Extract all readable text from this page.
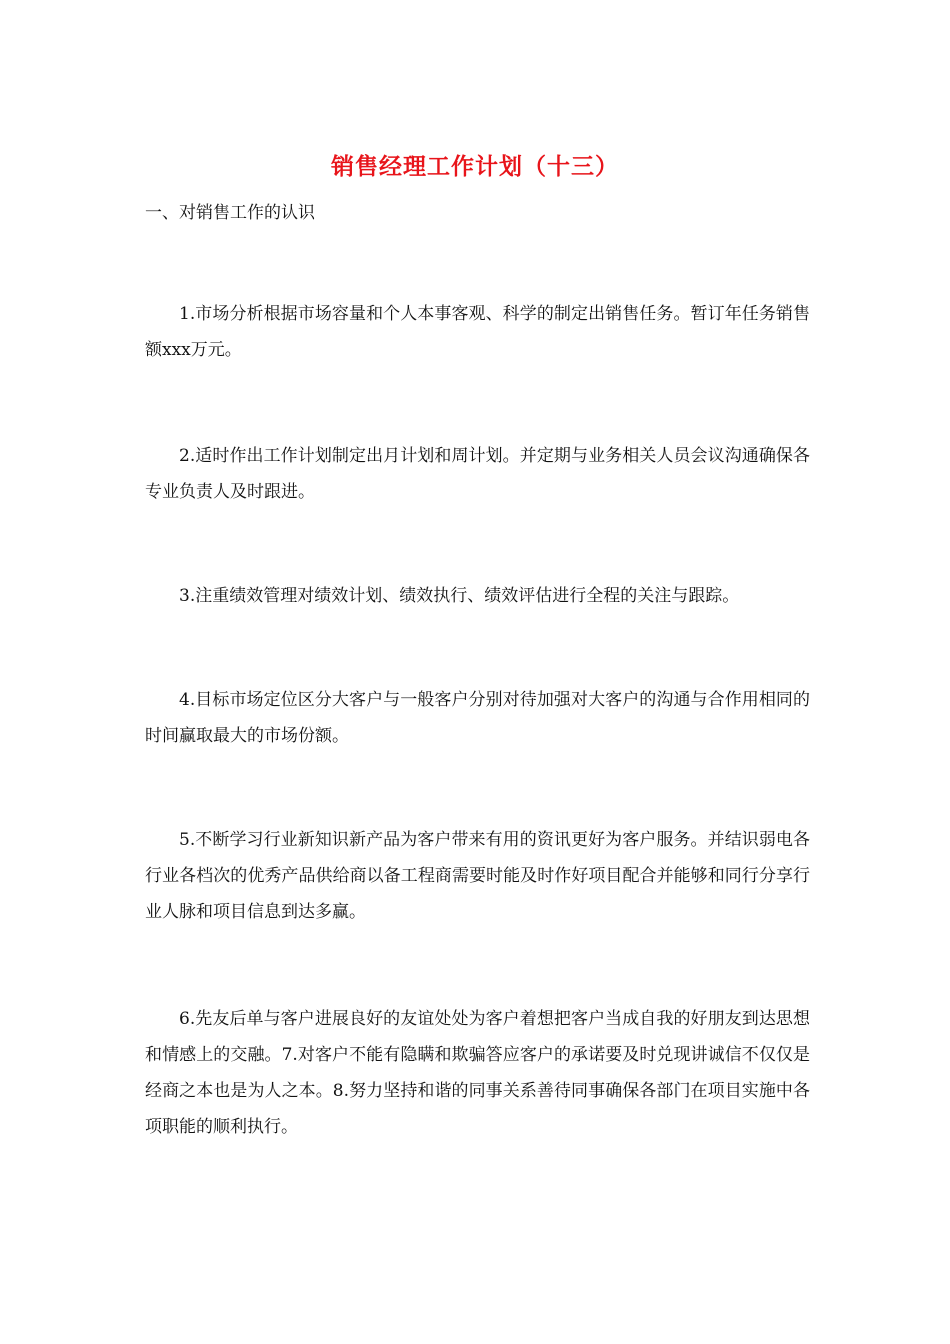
销售经理工作计划（十三）
一、对销售工作的认识
1.市场分析根据市场容量和个人本事客观、科学的制定出销售任务。暂订年任务销售额xxx万元。
2.适时作出工作计划制定出月计划和周计划。并定期与业务相关人员会议沟通确保各专业负责人及时跟进。
3.注重绩效管理对绩效计划、绩效执行、绩效评估进行全程的关注与跟踪。
4.目标市场定位区分大客户与一般客户分别对待加强对大客户的沟通与合作用相同的时间赢取最大的市场份额。
5.不断学习行业新知识新产品为客户带来有用的资讯更好为客户服务。并结识弱电各行业各档次的优秀产品供给商以备工程商需要时能及时作好项目配合并能够和同行分享行业人脉和项目信息到达多赢。
6.先友后单与客户进展良好的友谊处处为客户着想把客户当成自我的好朋友到达思想和情感上的交融。7.对客户不能有隐瞒和欺骗答应客户的承诺要及时兑现讲诚信不仅仅是经商之本也是为人之本。8.努力坚持和谐的同事关系善待同事确保各部门在项目实施中各项职能的顺利执行。
